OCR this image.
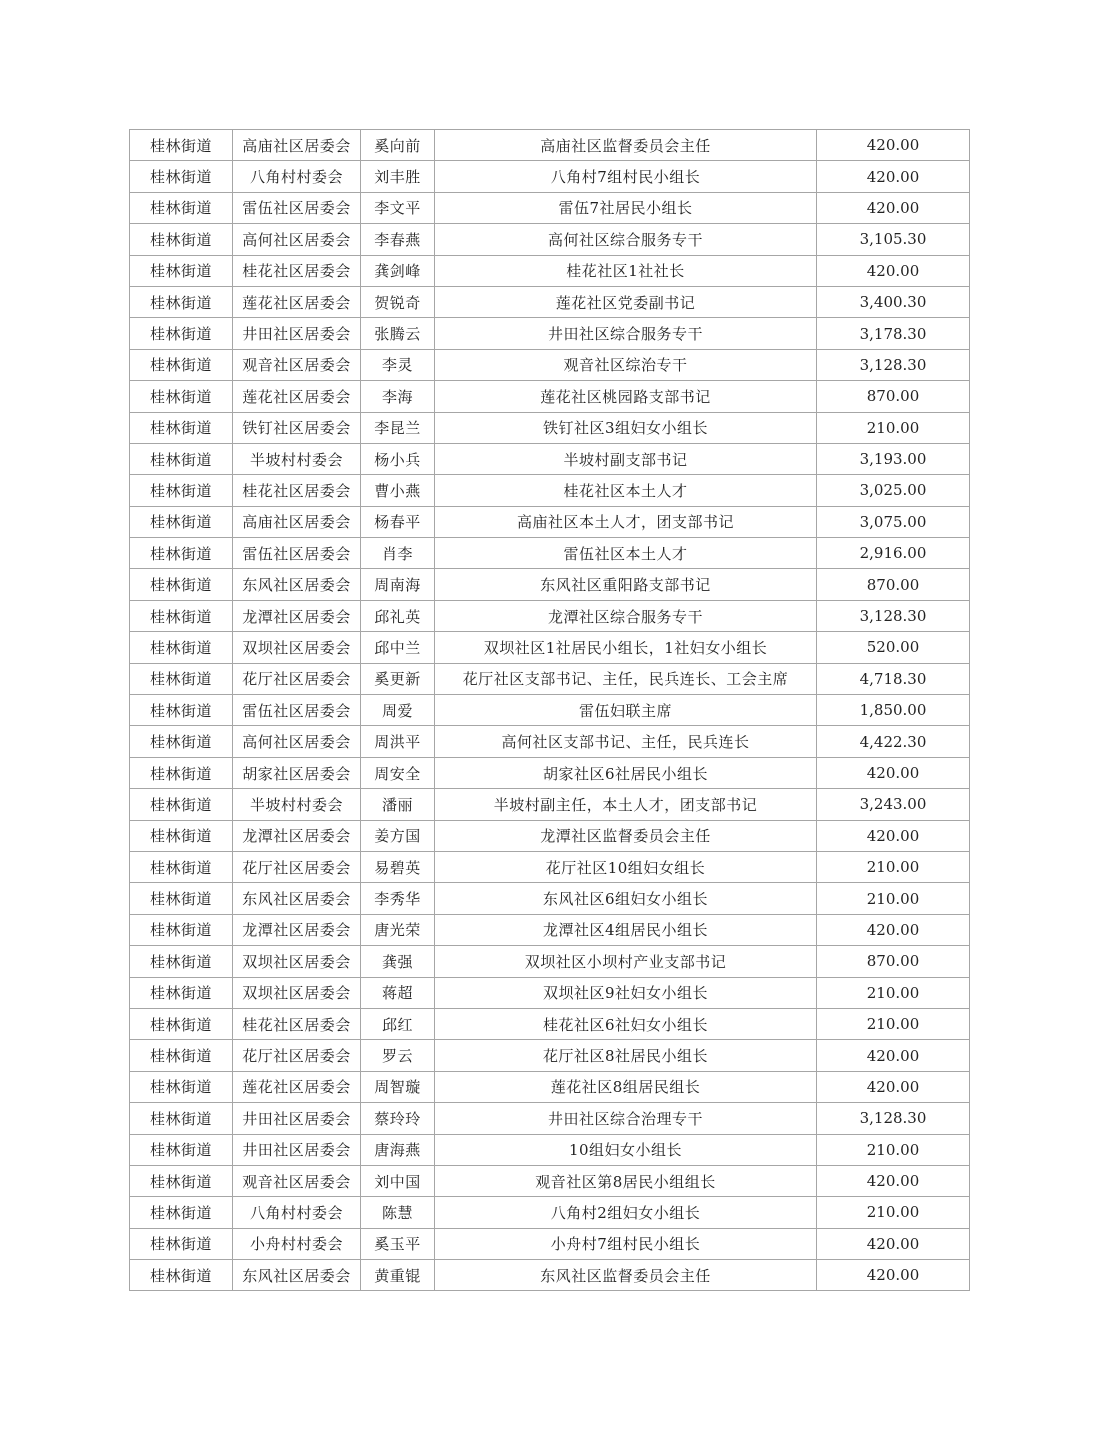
桂林街道	高庙社区居委会	奚向前	高庙社区监督委员会主任	420.00
桂林街道	八角村村委会	刘丰胜	八角村7组村民小组长	420.00
桂林街道	雷伍社区居委会	李文平	雷伍7社居民小组长	420.00
桂林街道	高何社区居委会	李春燕	高何社区综合服务专干	3,105.30
桂林街道	桂花社区居委会	龚剑峰	桂花社区1社社长	420.00
桂林街道	莲花社区居委会	贺锐奇	莲花社区党委副书记	3,400.30
桂林街道	井田社区居委会	张腾云	井田社区综合服务专干	3,178.30
桂林街道	观音社区居委会	李灵	观音社区综治专干	3,128.30
桂林街道	莲花社区居委会	李海	莲花社区桃园路支部书记	870.00
桂林街道	铁钉社区居委会	李昆兰	铁钉社区3组妇女小组长	210.00
桂林街道	半坡村村委会	杨小兵	半坡村副支部书记	3,193.00
桂林街道	桂花社区居委会	曹小燕	桂花社区本土人才	3,025.00
桂林街道	高庙社区居委会	杨春平	高庙社区本土人才，团支部书记	3,075.00
桂林街道	雷伍社区居委会	肖李	雷伍社区本土人才	2,916.00
桂林街道	东风社区居委会	周南海	东风社区重阳路支部书记	870.00
桂林街道	龙潭社区居委会	邱礼英	龙潭社区综合服务专干	3,128.30
桂林街道	双坝社区居委会	邱中兰	双坝社区1社居民小组长，1社妇女小组长	520.00
桂林街道	花厅社区居委会	奚更新	花厅社区支部书记、主任，民兵连长、工会主席	4,718.30
桂林街道	雷伍社区居委会	周爱	雷伍妇联主席	1,850.00
桂林街道	高何社区居委会	周洪平	高何社区支部书记、主任，民兵连长	4,422.30
桂林街道	胡家社区居委会	周安全	胡家社区6社居民小组长	420.00
桂林街道	半坡村村委会	潘丽	半坡村副主任，本土人才，团支部书记	3,243.00
桂林街道	龙潭社区居委会	姜方国	龙潭社区监督委员会主任	420.00
桂林街道	花厅社区居委会	易碧英	花厅社区10组妇女组长	210.00
桂林街道	东风社区居委会	李秀华	东风社区6组妇女小组长	210.00
桂林街道	龙潭社区居委会	唐光荣	龙潭社区4组居民小组长	420.00
桂林街道	双坝社区居委会	龚强	双坝社区小坝村产业支部书记	870.00
桂林街道	双坝社区居委会	蒋超	双坝社区9社妇女小组长	210.00
桂林街道	桂花社区居委会	邱红	桂花社区6社妇女小组长	210.00
桂林街道	花厅社区居委会	罗云	花厅社区8社居民小组长	420.00
桂林街道	莲花社区居委会	周智璇	莲花社区8组居民组长	420.00
桂林街道	井田社区居委会	蔡玲玲	井田社区综合治理专干	3,128.30
桂林街道	井田社区居委会	唐海燕	10组妇女小组长	210.00
桂林街道	观音社区居委会	刘中国	观音社区第8居民小组组长	420.00
桂林街道	八角村村委会	陈慧	八角村2组妇女小组长	210.00
桂林街道	小舟村村委会	奚玉平	小舟村7组村民小组长	420.00
桂林街道	东风社区居委会	黄重锟	东风社区监督委员会主任	420.00
